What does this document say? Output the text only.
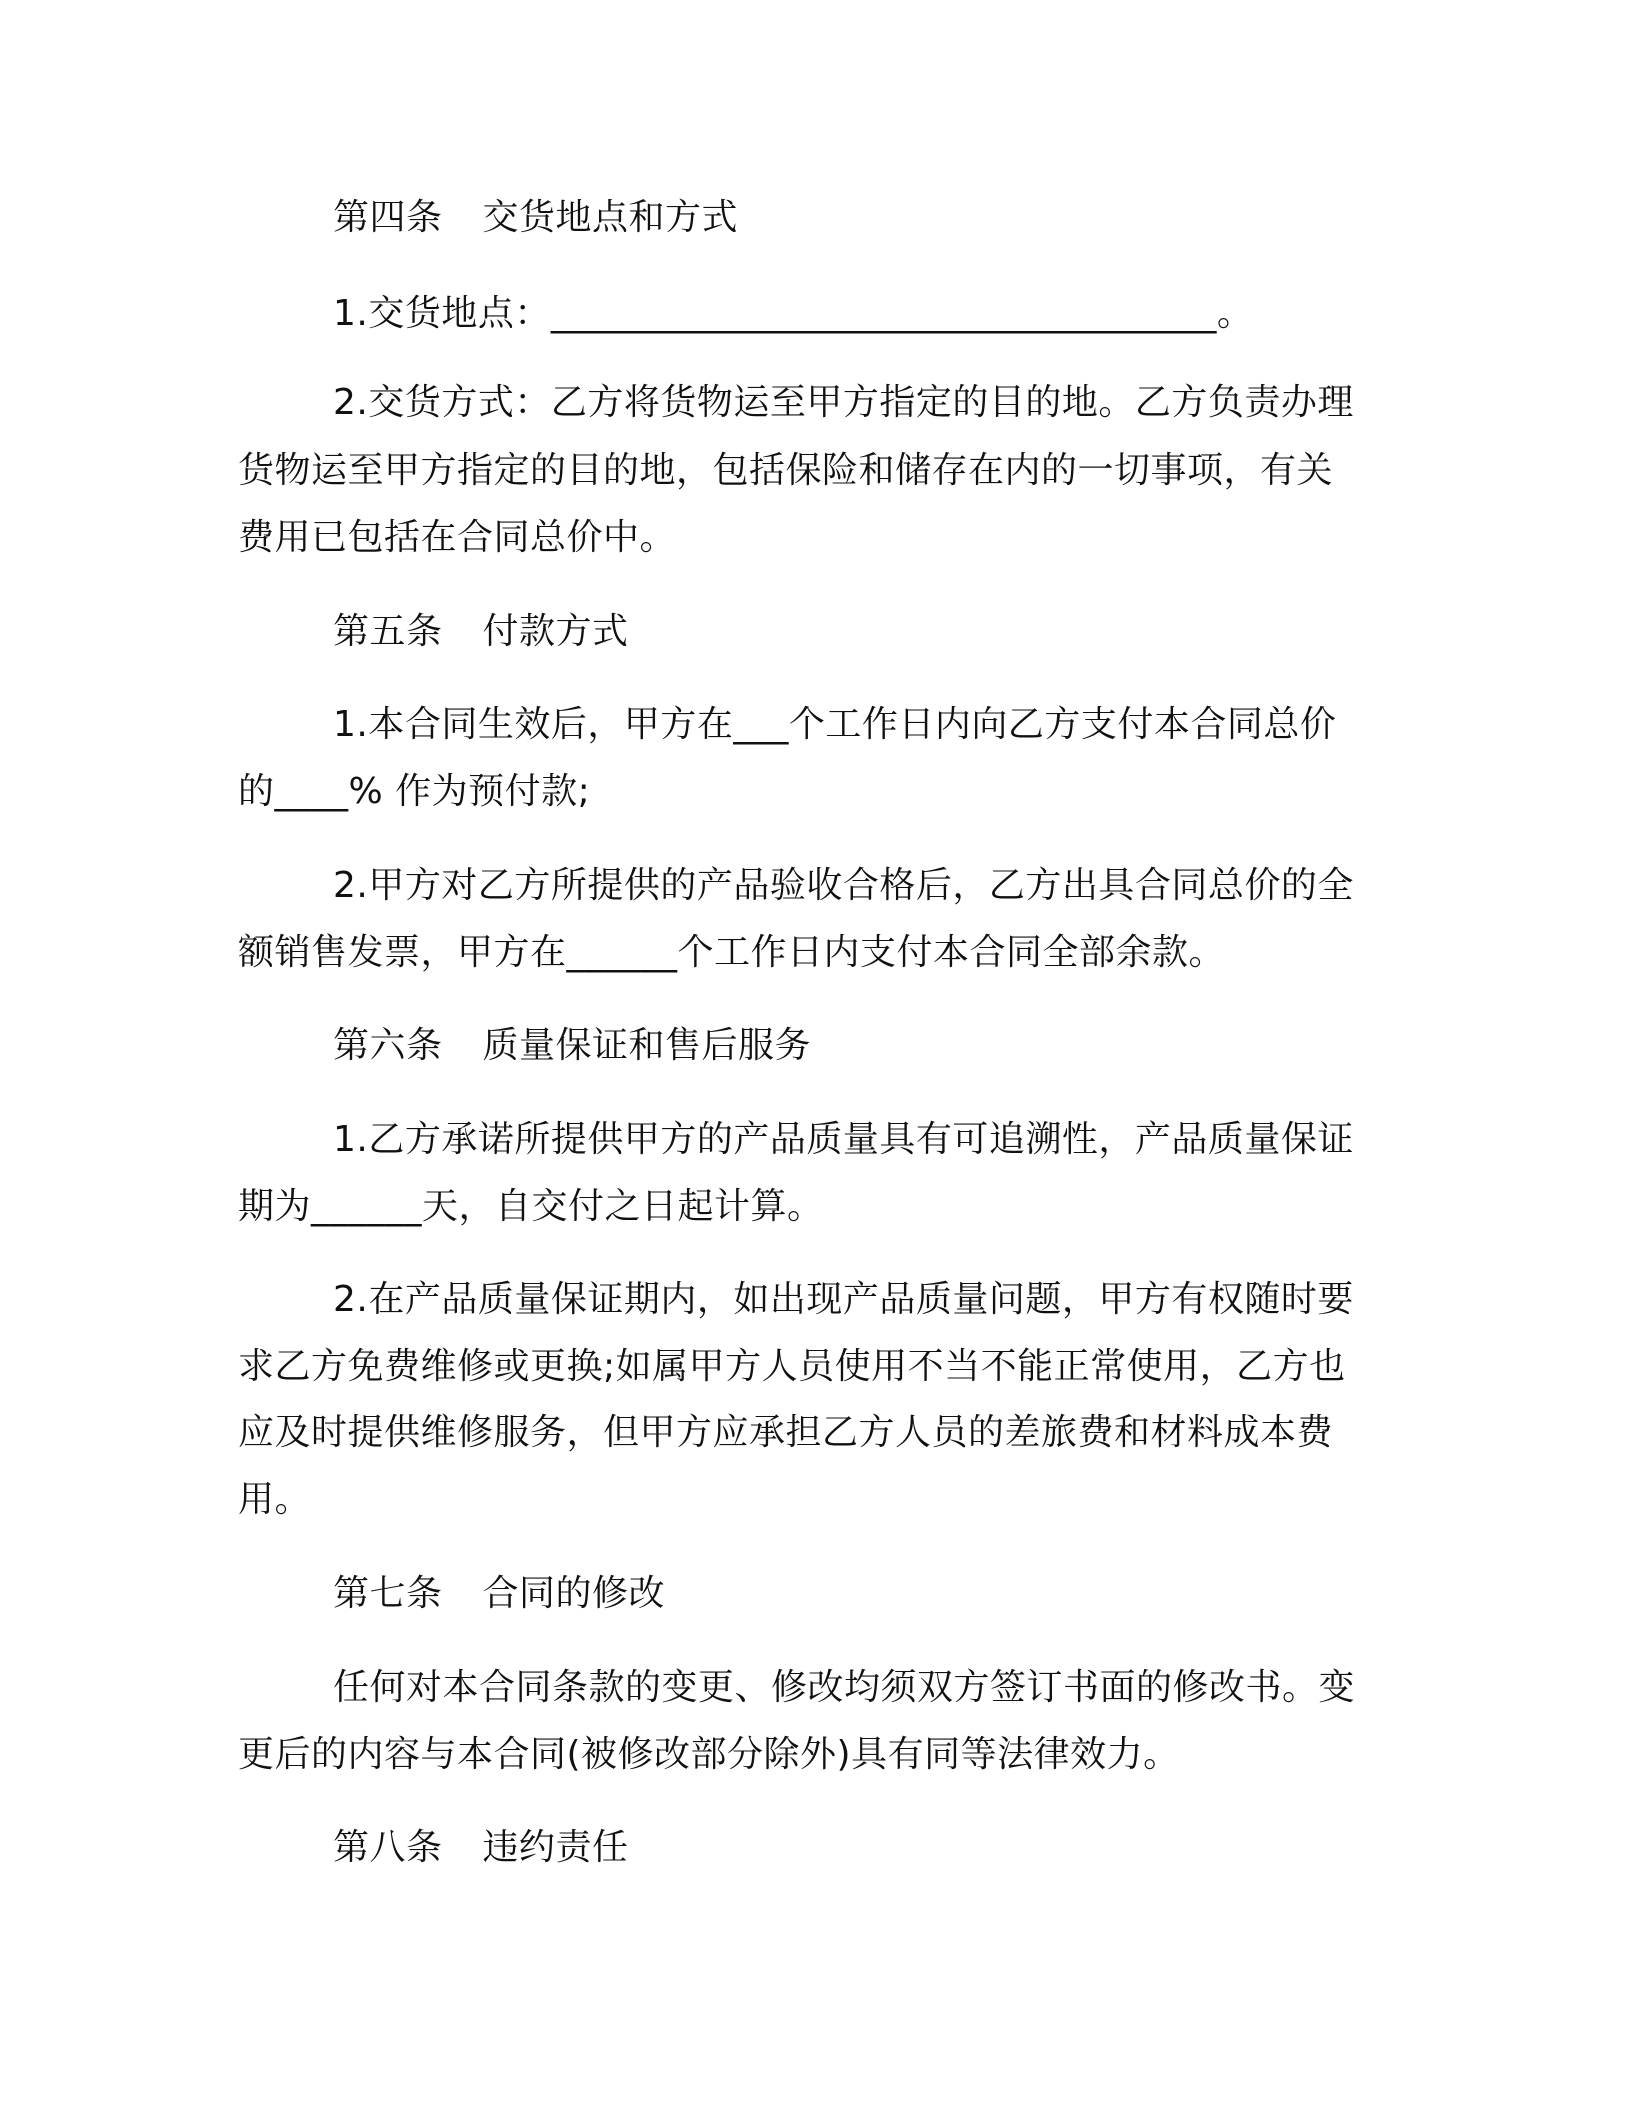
第四条 交货地点和方式

1.交货地点：____________________________________。

2.交货方式：乙方将货物运至甲方指定的目的地。乙方负责办理

货物运至甲方指定的目的地，包括保险和储存在内的一切事项，有关

费用已包括在合同总价中。

第五条 付款方式

1.本合同生效后，甲方在___个工作日内向乙方支付本合同总价

的____% 作为预付款;

2.甲方对乙方所提供的产品验收合格后，乙方出具合同总价的全

额销售发票，甲方在______个工作日内支付本合同全部余款。

第六条 质量保证和售后服务

1.乙方承诺所提供甲方的产品质量具有可追溯性，产品质量保证

期为______天，自交付之日起计算。

2.在产品质量保证期内，如出现产品质量问题，甲方有权随时要

求乙方免费维修或更换;如属甲方人员使用不当不能正常使用，乙方也

应及时提供维修服务，但甲方应承担乙方人员的差旅费和材料成本费

用。

第七条 合同的修改

任何对本合同条款的变更、修改均须双方签订书面的修改书。变

更后的内容与本合同(被修改部分除外)具有同等法律效力。

第八条 违约责任
